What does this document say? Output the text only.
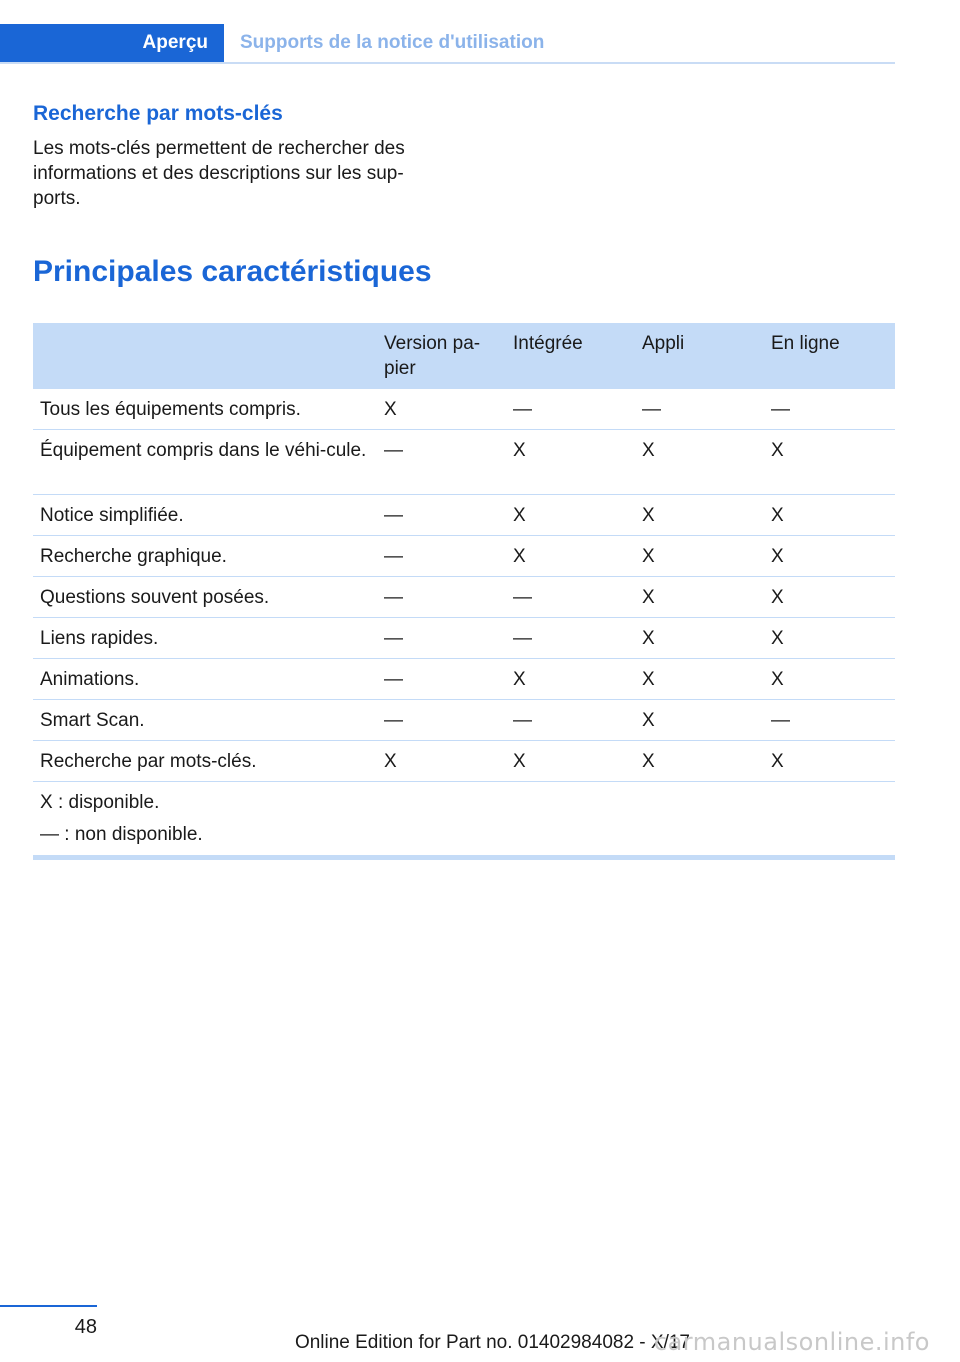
Aperçu Supports de la notice d'utilisation
Recherche par mots-clés

Les mots-clés permettent de rechercher des informations et des descriptions sur les sup-ports.

Principales caractéristiques
	Version pa-pier	Intégrée	Appli	En ligne
Tous les équipements compris.	X	—	—	—
Équipement compris dans le véhi-cule.	—	X	X	X
Notice simplifiée.	—	X	X	X
Recherche graphique.	—	X	X	X
Questions souvent posées.	—	—	X	X
Liens rapides.	—	—	X	X
Animations.	—	X	X	X
Smart Scan.	—	—	X	—
Recherche par mots-clés.	X	X	X	X

X : disponible.
— : non disponible.				
48
Online Edition for Part no. 01402984082 - X/17
carmanualsonline.info
